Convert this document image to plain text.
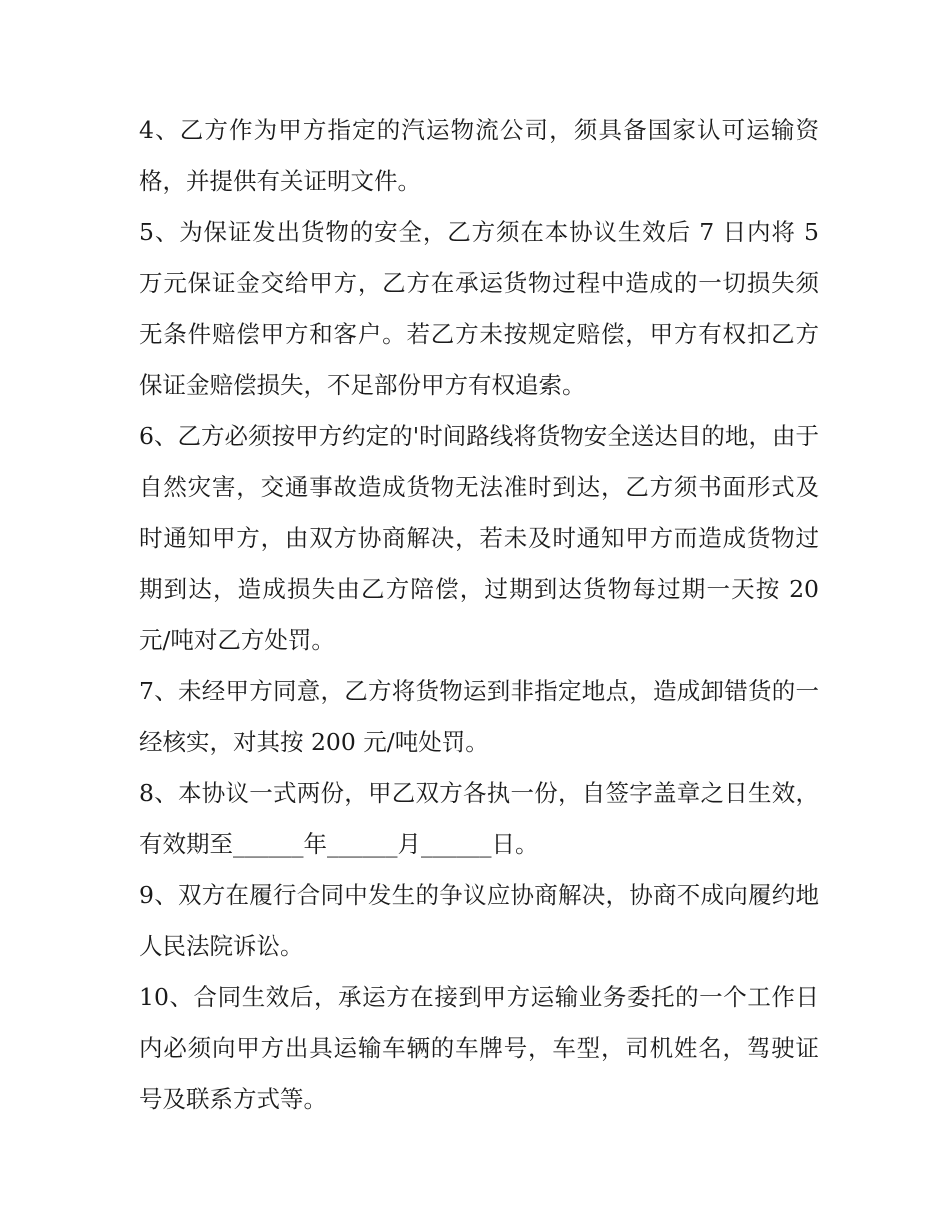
4、乙方作为甲方指定的汽运物流公司，须具备国家认可运输资格，并提供有关证明文件。

5、为保证发出货物的安全，乙方须在本协议生效后 7 日内将 5 万元保证金交给甲方，乙方在承运货物过程中造成的一切损失须无条件赔偿甲方和客户。若乙方未按规定赔偿，甲方有权扣乙方保证金赔偿损失，不足部份甲方有权追索。

6、乙方必须按甲方约定的'时间路线将货物安全送达目的地，由于自然灾害，交通事故造成货物无法准时到达，乙方须书面形式及时通知甲方，由双方协商解决，若未及时通知甲方而造成货物过期到达，造成损失由乙方陪偿，过期到达货物每过期一天按 20 元/吨对乙方处罚。

7、未经甲方同意，乙方将货物运到非指定地点，造成卸错货的一经核实，对其按 200 元/吨处罚。

8、本协议一式两份，甲乙双方各执一份，自签字盖章之日生效，有效期至______年______月______日。

9、双方在履行合同中发生的争议应协商解决，协商不成向履约地人民法院诉讼。

10、合同生效后，承运方在接到甲方运输业务委托的一个工作日内必须向甲方出具运输车辆的车牌号，车型，司机姓名，驾驶证号及联系方式等。
